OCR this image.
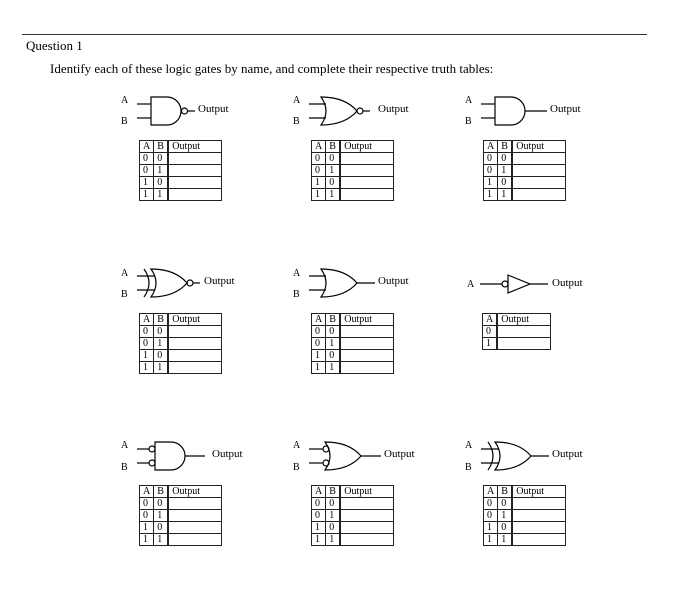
Question 1
Identify each of these logic gates by name, and complete their respective truth tables:
A
B
Output
A
B
Output
A
B
Output
A
B
Output
A
B
Output	A	Output
A
B
Output
A
B
Output
A
B
Output
A	B	Output
0	0	
0	1	
1	0	
1	1	
A	B	Output
0	0	
0	1	
1	0	
1	1	
A	B	Output
0	0	
0	1	
1	0	
1	1	
A	B	Output
0	0	
0	1	
1	0	
1	1	
A	B	Output
0	0	
0	1	
1	0	
1	1	
A	Output
0	
1	
A	B	Output
0	0	
0	1	
1	0	
1	1	
A	B	Output
0	0	
0	1	
1	0	
1	1	
A	B	Output
0	0	
0	1	
1	0	
1	1	
